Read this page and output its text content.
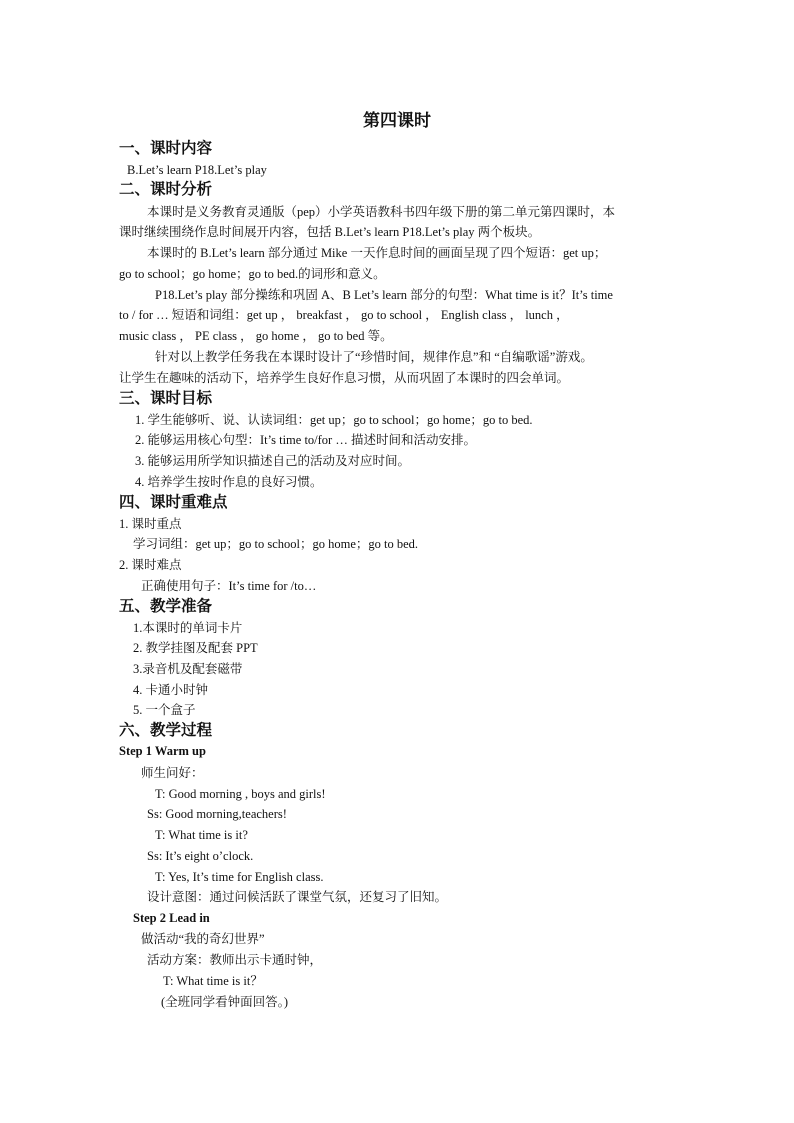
第四课时
一、课时内容
B.Let’s learn P18.Let’s play
二、课时分析
本课时是义务教育灵通版（pep）小学英语教科书四年级下册的第二单元第四课时，本
课时继续围绕作息时间展开内容，包括 B.Let’s learn P18.Let’s play 两个板块。
本课时的 B.Let’s learn 部分通过 Mike 一天作息时间的画面呈现了四个短语：get up；
go to school；go home；go to bed.的词形和意义。
P18.Let’s play 部分操练和巩固 A、B Let’s learn 部分的句型：What time is it？It’s time
to / for … 短语和词组：get up ， breakfast ， go to school ， English class ， lunch ，
music class ， PE class ， go home ， go to bed 等。
针对以上教学任务我在本课时设计了“珍惜时间，规律作息”和 “自编歌谣”游戏。
让学生在趣味的活动下，培养学生良好作息习惯，从而巩固了本课时的四会单词。
三、课时目标
1. 学生能够听、说、认读词组：get up；go to school；go home；go to bed.
2. 能够运用核心句型：It’s time to/for … 描述时间和活动安排。
3. 能够运用所学知识描述自己的活动及对应时间。
4. 培养学生按时作息的良好习惯。
四、课时重难点
1. 课时重点
学习词组：get up；go to school；go home；go to bed.
2. 课时难点
正确使用句子：It’s time for /to…
五、教学准备
1.本课时的单词卡片
2. 教学挂图及配套 PPT
3.录音机及配套磁带
4. 卡通小时钟
5. 一个盒子
六、教学过程
Step 1 Warm up
师生问好：
T: Good morning , boys and girls!
Ss: Good morning,teachers!
T: What time is it?
Ss: It’s eight o’clock.
T: Yes, It’s time for English class.
设计意图：通过问候活跃了课堂气氛，还复习了旧知。
Step 2 Lead in
做活动“我的奇幻世界”
活动方案：教师出示卡通时钟，
T: What time is it？
(全班同学看钟面回答。)
